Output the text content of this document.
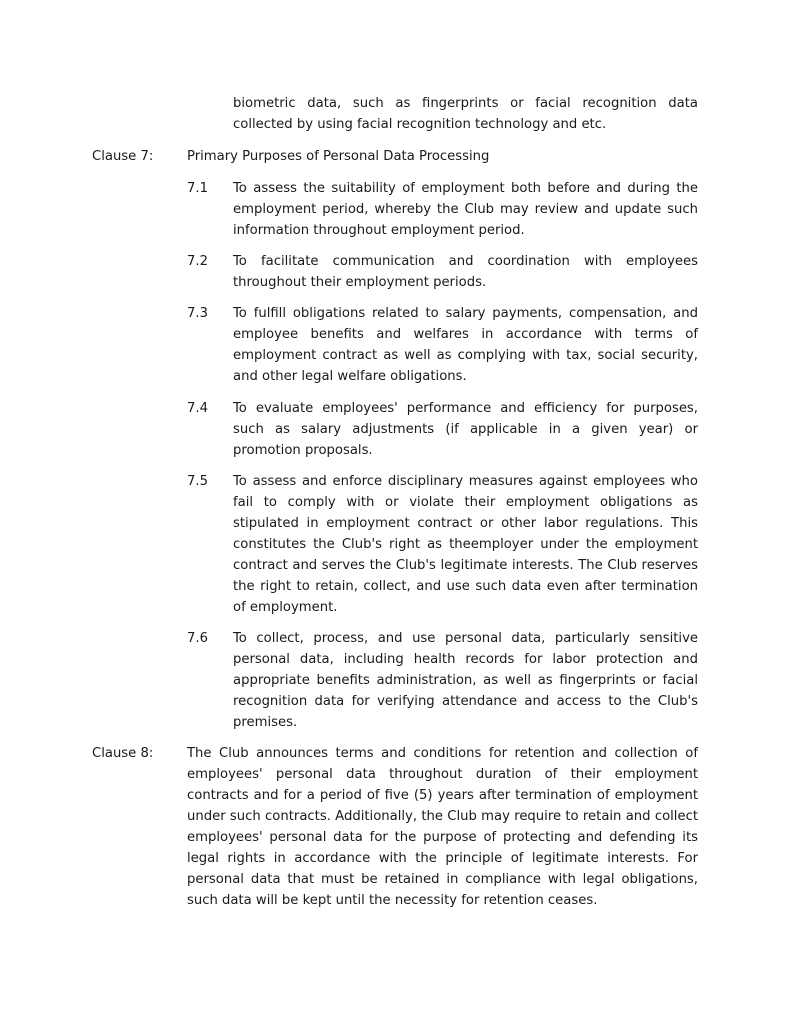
biometric data, such as fingerprints or facial recognition data collected by using facial recognition technology and etc.

Clause 7:	Primary Purposes of Personal Data Processing

7.1 To assess the suitability of employment both before and during the employment period, whereby the Club may review and update such information throughout employment period.

7.2 To facilitate communication and coordination with employees throughout their employment periods.

7.3 To fulfill obligations related to salary payments, compensation, and employee benefits and welfares in accordance with terms of employment contract as well as complying with tax, social security, and other legal welfare obligations.

7.4 To evaluate employees' performance and efficiency for purposes, such as salary adjustments (if applicable in a given year) or promotion proposals.

7.5 To assess and enforce disciplinary measures against employees who fail to comply with or violate their employment obligations as stipulated in employment contract or other labor regulations. This constitutes the Club's right as theemployer under the employment contract and serves the Club's legitimate interests. The Club reserves the right to retain, collect, and use such data even after termination of employment.

7.6 To collect, process, and use personal data, particularly sensitive personal data, including health records for labor protection and appropriate benefits administration, as well as fingerprints or facial recognition data for verifying attendance and access to the Club's premises.

Clause 8:	The Club announces terms and conditions for retention and collection of employees' personal data throughout duration of their employment contracts and for a period of five (5) years after termination of employment under such contracts. Additionally, the Club may require to retain and collect employees' personal data for the purpose of protecting and defending its legal rights in accordance with the principle of legitimate interests. For personal data that must be retained in compliance with legal obligations, such data will be kept until the necessity for retention ceases.
